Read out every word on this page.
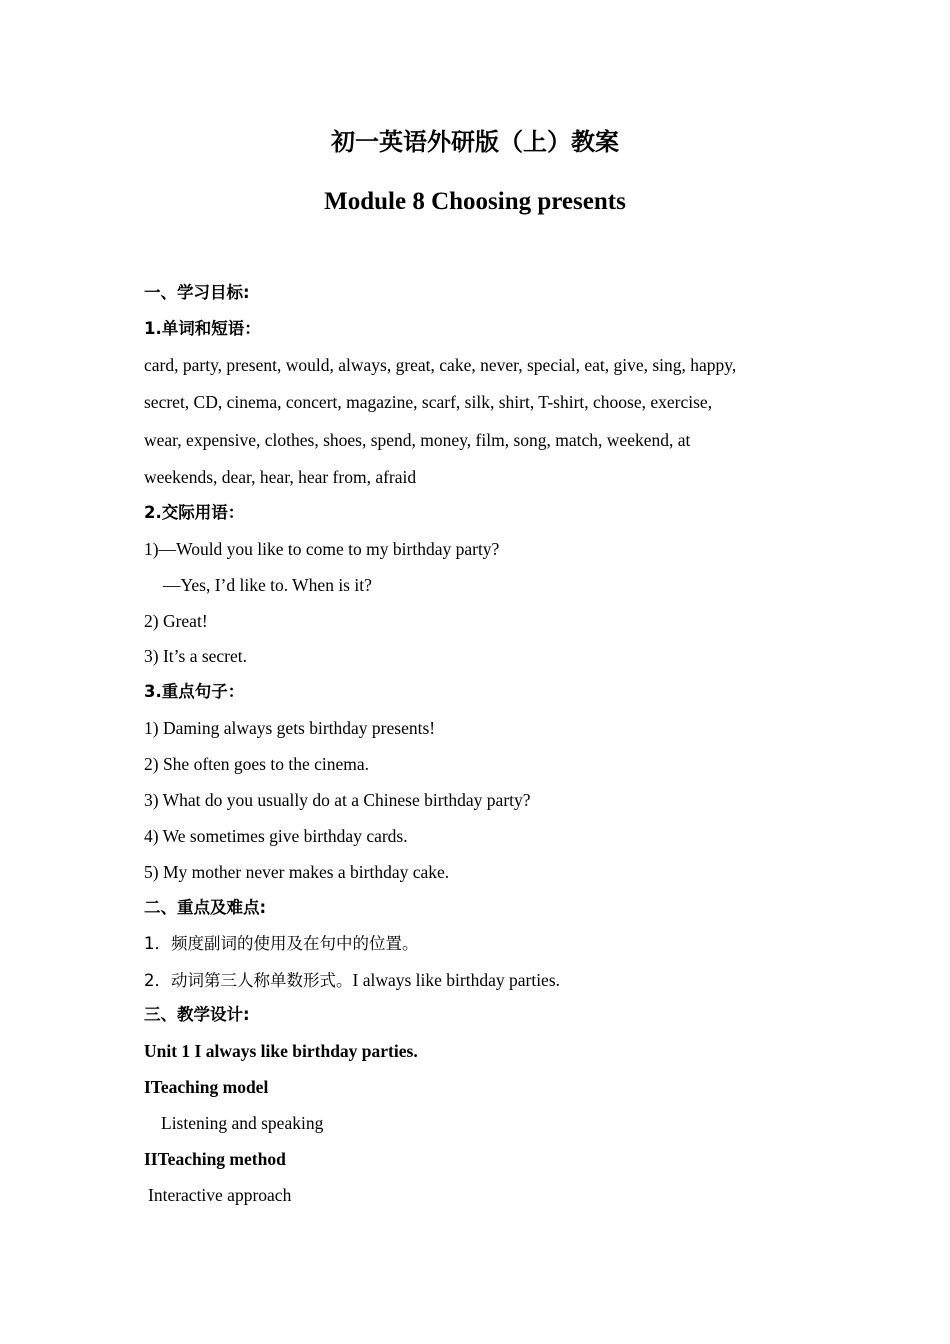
初一英语外研版（上）教案
Module 8 Choosing presents

一、学习目标:

1.单词和短语：

card, party, present, would, always, great, cake, never, special, eat, give, sing, happy,

secret, CD, cinema, concert, magazine, scarf, silk, shirt, T-shirt, choose, exercise,

wear, expensive, clothes, shoes, spend, money, film, song, match, weekend, at

weekends, dear, hear, hear from, afraid

2.交际用语：

1)—Would you like to come to my birthday party?

—Yes, I’d like to. When is it?

2) Great!

3) It’s a secret.

3.重点句子：

1) Daming always gets birthday presents!

2) She often goes to the cinema.

3) What do you usually do at a Chinese birthday party?

4) We sometimes give birthday cards.

5) My mother never makes a birthday cake.

二、重点及难点:

1．频度副词的使用及在句中的位置。

2．动词第三人称单数形式。I always like birthday parties.

三、教学设计:

Unit 1 I always like birthday parties.

ITeaching model

Listening and speaking

IITeaching method

Interactive approach
